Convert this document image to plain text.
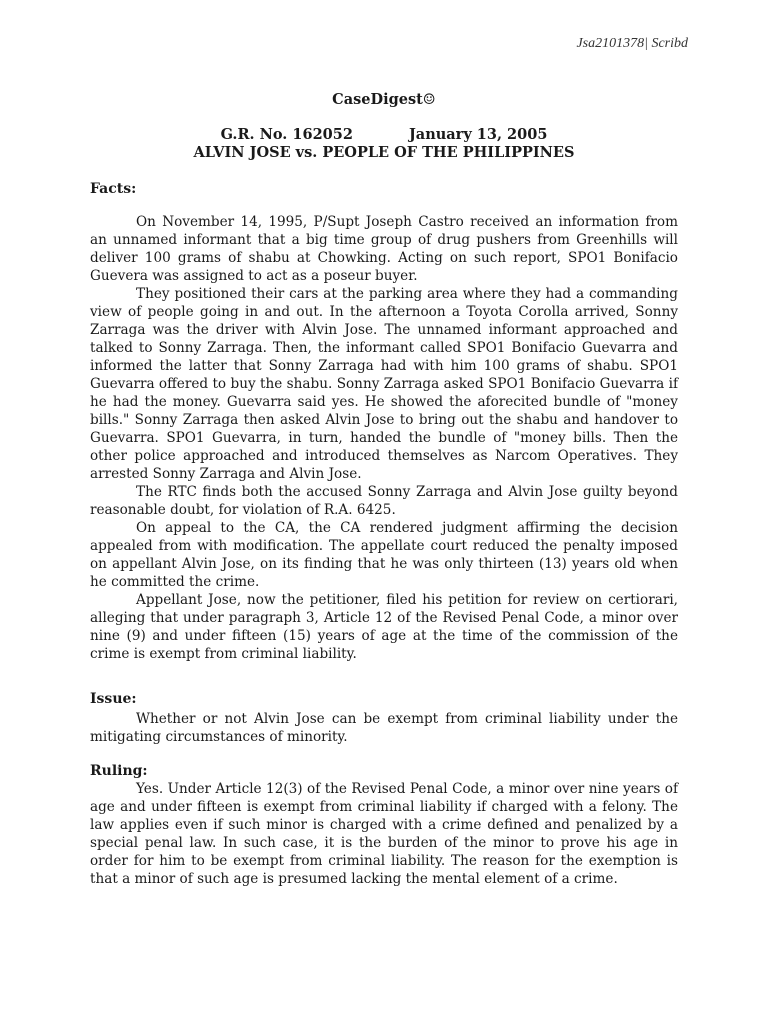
Jsa2101378| Scribd
CaseDigest☺
G.R. No. 162052	January 13, 2005
ALVIN JOSE vs. PEOPLE OF THE PHILIPPINES
Facts:

On November 14, 1995, P/Supt Joseph Castro received an information from an unnamed informant that a big time group of drug pushers from Greenhills will deliver 100 grams of shabu at Chowking. Acting on such report, SPO1 Bonifacio Guevera was assigned to act as a poseur buyer.

They positioned their cars at the parking area where they had a commanding view of people going in and out. In the afternoon a Toyota Corolla arrived, Sonny Zarraga was the driver with Alvin Jose. The unnamed informant approached and talked to Sonny Zarraga. Then, the informant called SPO1 Bonifacio Guevarra and informed the latter that Sonny Zarraga had with him 100 grams of shabu. SPO1 Guevarra offered to buy the shabu. Sonny Zarraga asked SPO1 Bonifacio Guevarra if he had the money. Guevarra said yes. He showed the aforecited bundle of "money bills." Sonny Zarraga then asked Alvin Jose to bring out the shabu and handover to Guevarra. SPO1 Guevarra, in turn, handed the bundle of "money bills. Then the other police approached and introduced themselves as Narcom Operatives. They arrested Sonny Zarraga and Alvin Jose.

The RTC finds both the accused Sonny Zarraga and Alvin Jose guilty beyond reasonable doubt, for violation of R.A. 6425.

On appeal to the CA, the CA rendered judgment affirming the decision appealed from with modification. The appellate court reduced the penalty imposed on appellant Alvin Jose, on its finding that he was only thirteen (13) years old when he committed the crime.

Appellant Jose, now the petitioner, filed his petition for review on certiorari, alleging that under paragraph 3, Article 12 of the Revised Penal Code, a minor over nine (9) and under fifteen (15) years of age at the time of the commission of the crime is exempt from criminal liability.

Issue:

Whether or not Alvin Jose can be exempt from criminal liability under the mitigating circumstances of minority.

Ruling:

Yes. Under Article 12(3) of the Revised Penal Code, a minor over nine years of age and under fifteen is exempt from criminal liability if charged with a felony. The law applies even if such minor is charged with a crime defined and penalized by a special penal law. In such case, it is the burden of the minor to prove his age in order for him to be exempt from criminal liability. The reason for the exemption is that a minor of such age is presumed lacking the mental element of a crime.
